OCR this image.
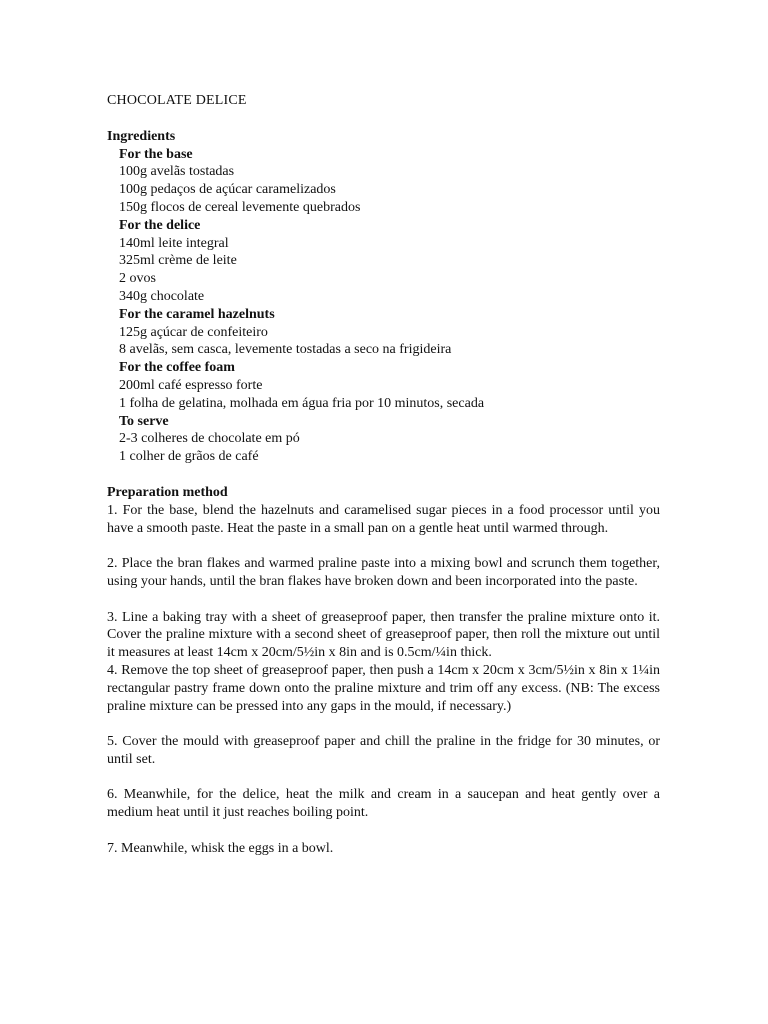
CHOCOLATE DELICE
Ingredients
For the base
100g avelãs tostadas
100g pedaços de açúcar caramelizados
150g flocos de cereal levemente quebrados
For the delice
140ml leite integral
325ml crème de leite
2 ovos
340g chocolate
For the caramel hazelnuts
125g açúcar de confeiteiro
8 avelãs, sem casca, levemente tostadas a seco na frigideira
For the coffee foam
200ml café espresso forte
1 folha de gelatina, molhada em água fria por 10 minutos, secada
To serve
2-3 colheres de chocolate em pó
1 colher de grãos de café
Preparation method
1. For the base, blend the hazelnuts and caramelised sugar pieces in a food processor until you have a smooth paste. Heat the paste in a small pan on a gentle heat until warmed through.
2. Place the bran flakes and warmed praline paste into a mixing bowl and scrunch them together, using your hands, until the bran flakes have broken down and been incorporated into the paste.
3. Line a baking tray with a sheet of greaseproof paper, then transfer the praline mixture onto it. Cover the praline mixture with a second sheet of greaseproof paper, then roll the mixture out until it measures at least 14cm x 20cm/5½in x 8in and is 0.5cm/¼in thick.
4. Remove the top sheet of greaseproof paper, then push a 14cm x 20cm x 3cm/5½in x 8in x 1¼in rectangular pastry frame down onto the praline mixture and trim off any excess. (NB: The excess praline mixture can be pressed into any gaps in the mould, if necessary.)
5. Cover the mould with greaseproof paper and chill the praline in the fridge for 30 minutes, or until set.
6. Meanwhile, for the delice, heat the milk and cream in a saucepan and heat gently over a medium heat until it just reaches boiling point.
7. Meanwhile, whisk the eggs in a bowl.
